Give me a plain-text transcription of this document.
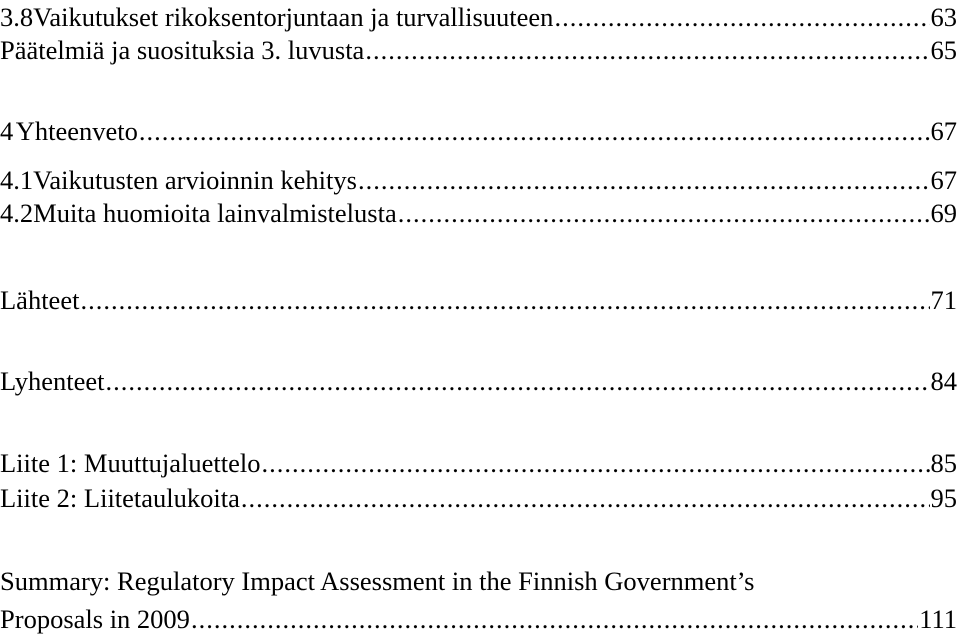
3.8 Vaikutukset rikoksentorjuntaan ja turvallisuuteen .....	63
Päätelmiä ja suosituksia 3. luvusta .....	65
4 Yhteenveto .....	67
4.1 Vaikutusten arvioinnin kehitys .....	67
4.2 Muita huomioita lainvalmistelusta .....	69
Lähteet .....	71
Lyhenteet .....	84
Liite 1: Muuttujaluettelo .....	85
Liite 2: Liitetaulukoita .....	95
Summary: Regulatory Impact Assessment in the Finnish Government’s
Proposals in 2009 .....	111
